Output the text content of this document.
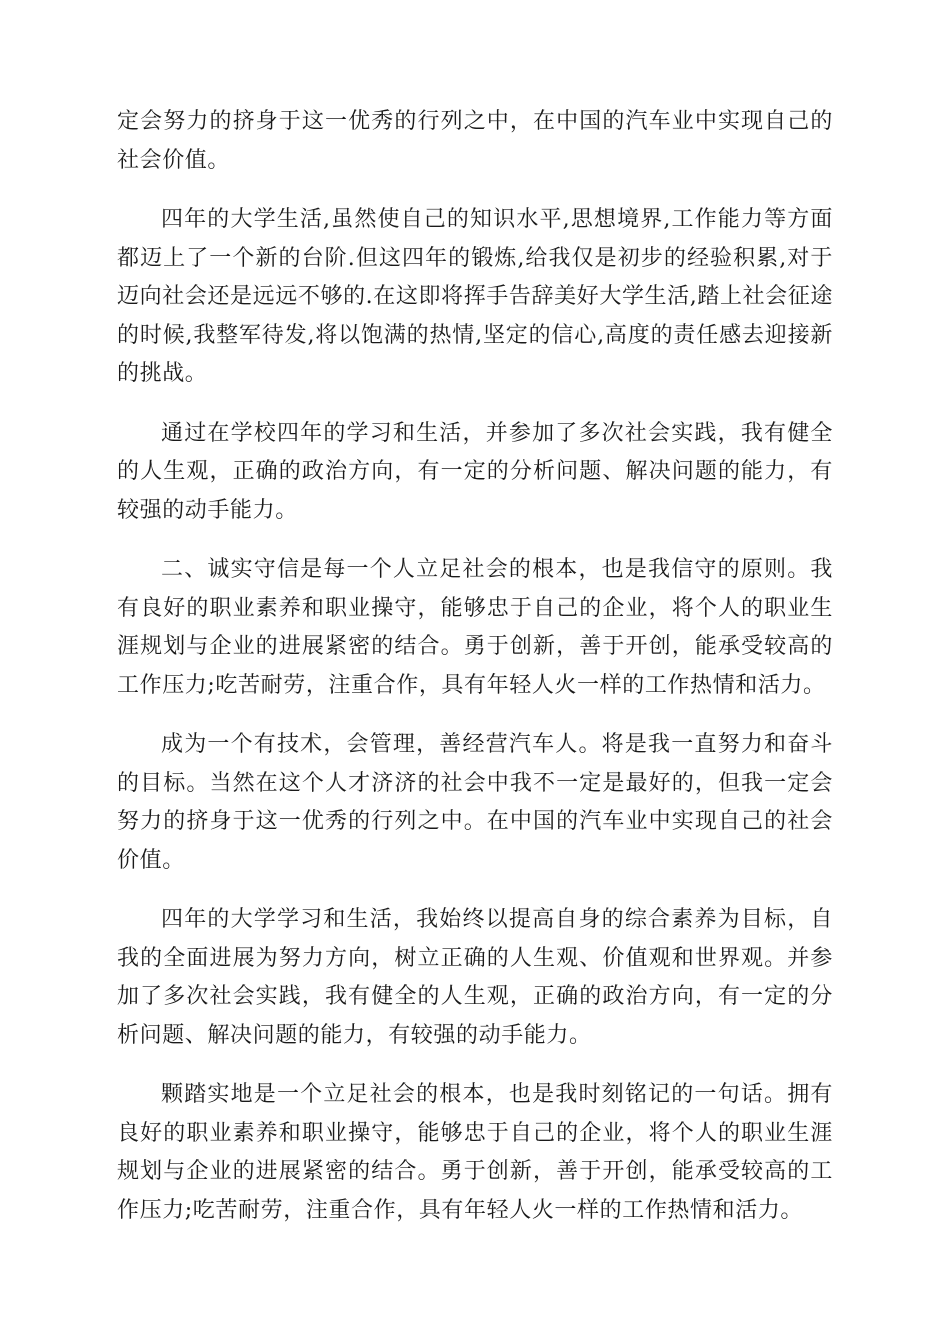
定会努力的挤身于这一优秀的行列之中，在中国的汽车业中实现自己的社会价值。

四年的大学生活,虽然使自己的知识水平,思想境界,工作能力等方面都迈上了一个新的台阶.但这四年的锻炼,给我仅是初步的经验积累,对于迈向社会还是远远不够的.在这即将挥手告辞美好大学生活,踏上社会征途的时候,我整军待发,将以饱满的热情,坚定的信心,高度的责任感去迎接新的挑战。

通过在学校四年的学习和生活，并参加了多次社会实践，我有健全的人生观，正确的政治方向，有一定的分析问题、解决问题的能力，有较强的动手能力。

二、诚实守信是每一个人立足社会的根本，也是我信守的原则。我有良好的职业素养和职业操守，能够忠于自己的企业，将个人的职业生涯规划与企业的进展紧密的结合。勇于创新，善于开创，能承受较高的工作压力;吃苦耐劳，注重合作，具有年轻人火一样的工作热情和活力。

成为一个有技术，会管理，善经营汽车人。将是我一直努力和奋斗的目标。当然在这个人才济济的社会中我不一定是最好的，但我一定会努力的挤身于这一优秀的行列之中。在中国的汽车业中实现自己的社会价值。

四年的大学学习和生活，我始终以提高自身的综合素养为目标，自我的全面进展为努力方向，树立正确的人生观、价值观和世界观。并参加了多次社会实践，我有健全的人生观，正确的政治方向，有一定的分析问题、解决问题的能力，有较强的动手能力。

颗踏实地是一个立足社会的根本，也是我时刻铭记的一句话。拥有良好的职业素养和职业操守，能够忠于自己的企业，将个人的职业生涯规划与企业的进展紧密的结合。勇于创新，善于开创，能承受较高的工作压力;吃苦耐劳，注重合作，具有年轻人火一样的工作热情和活力。
